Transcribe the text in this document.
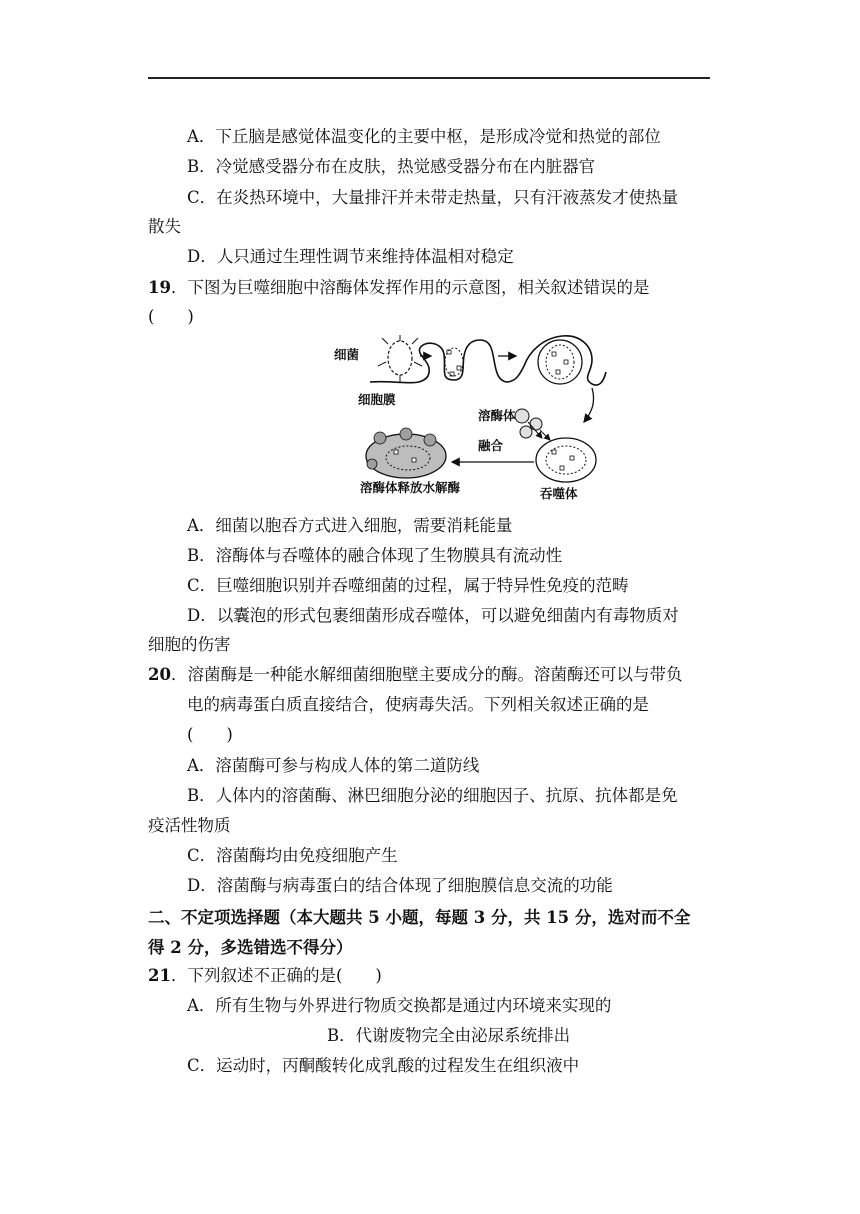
A．下丘脑是感觉体温变化的主要中枢，是形成冷觉和热觉的部位
B．冷觉感受器分布在皮肤，热觉感受器分布在内脏器官
C．在炎热环境中，大量排汗并未带走热量，只有汗液蒸发才使热量
散失
D．人只通过生理性调节来维持体温相对稳定
19．下图为巨噬细胞中溶酶体发挥作用的示意图，相关叙述错误的是
(　　)
细菌
细胞膜
溶酶体
融合
吞噬体
溶酶体释放水解酶
A．细菌以胞吞方式进入细胞，需要消耗能量
B．溶酶体与吞噬体的融合体现了生物膜具有流动性
C．巨噬细胞识别并吞噬细菌的过程，属于特异性免疫的范畴
D．以囊泡的形式包裹细菌形成吞噬体，可以避免细菌内有毒物质对
细胞的伤害
20．溶菌酶是一种能水解细菌细胞壁主要成分的酶。溶菌酶还可以与带负
电的病毒蛋白质直接结合，使病毒失活。下列相关叙述正确的是
(　　)
A．溶菌酶可参与构成人体的第二道防线
B．人体内的溶菌酶、淋巴细胞分泌的细胞因子、抗原、抗体都是免
疫活性物质
C．溶菌酶均由免疫细胞产生
D．溶菌酶与病毒蛋白的结合体现了细胞膜信息交流的功能
二、不定项选择题（本大题共 5 小题，每题 3 分，共 15 分，选对而不全
得 2 分，多选错选不得分）
21．下列叙述不正确的是(　　)
A．所有生物与外界进行物质交换都是通过内环境来实现的
B．代谢废物完全由泌尿系统排出
C．运动时，丙酮酸转化成乳酸的过程发生在组织液中
